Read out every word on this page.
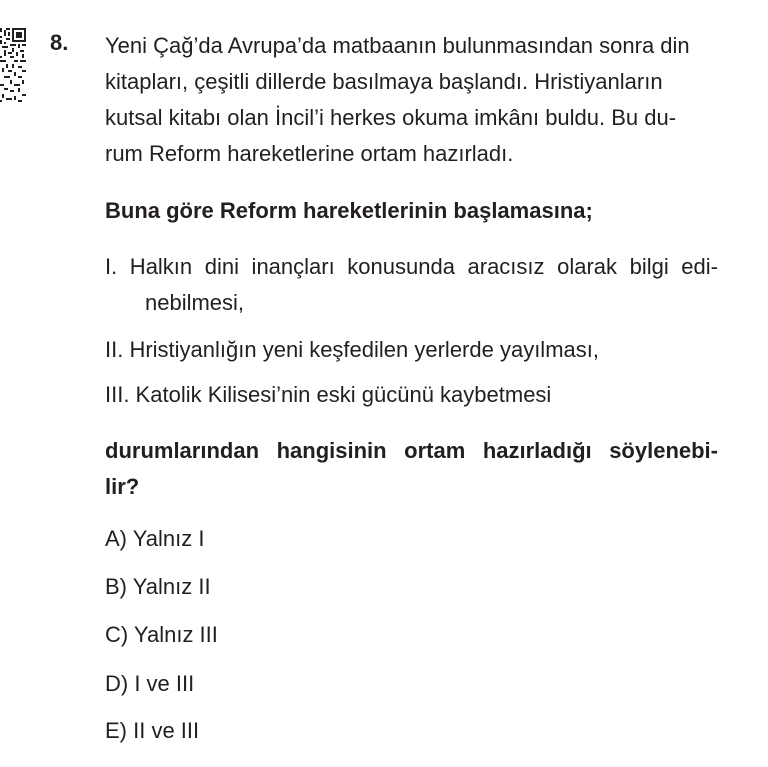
8. Yeni Çağ’da Avrupa’da matbaanın bulunmasından sonra din
kitapları, çeşitli dillerde basılmaya başlandı. Hristiyanların
kutsal kitabı olan İncil’i herkes okuma imkânı buldu. Bu du-
rum Reform hareketlerine ortam hazırladı.
Buna göre Reform hareketlerinin başlamasına;
I. Halkın dini inançları konusunda aracısız olarak bilgi edi-
nebilmesi,
II. Hristiyanlığın yeni keşfedilen yerlerde yayılması,
III. Katolik Kilisesi’nin eski gücünü kaybetmesi
durumlarından hangisinin ortam hazırladığı söylenebi-
lir?
A) Yalnız I
B) Yalnız II
C) Yalnız III
D) I ve III
E) II ve III
